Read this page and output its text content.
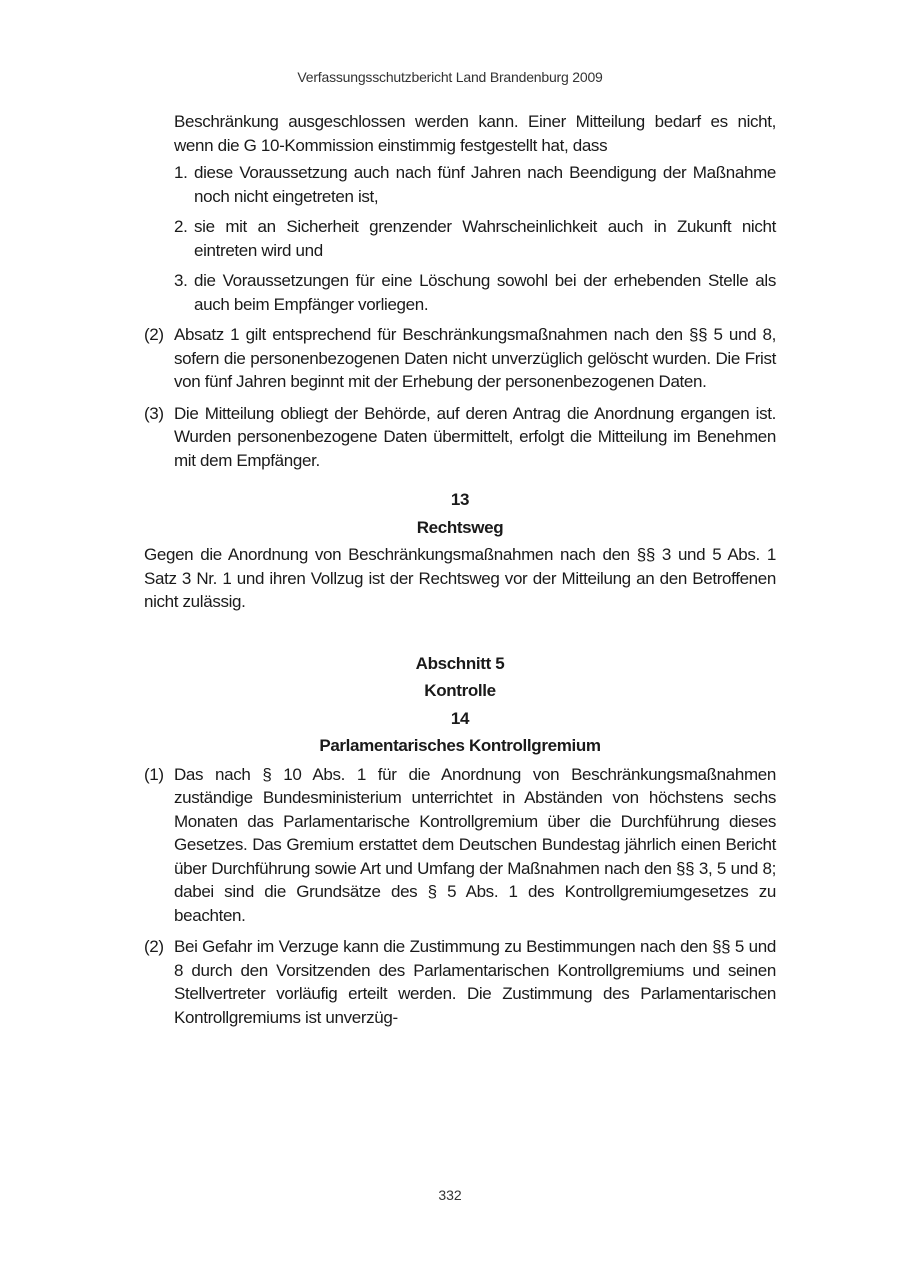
Verfassungsschutzbericht Land Brandenburg 2009

Beschränkung ausgeschlossen werden kann. Einer Mitteilung bedarf es nicht, wenn die G 10-Kommission einstimmig festgestellt hat, dass

1. diese Voraussetzung auch nach fünf Jahren nach Beendigung der Maßnahme noch nicht eingetreten ist,
2. sie mit an Sicherheit grenzender Wahrscheinlichkeit auch in Zukunft nicht eintreten wird und
3. die Voraussetzungen für eine Löschung sowohl bei der erhebenden Stelle als auch beim Empfänger vorliegen.
(2) Absatz 1 gilt entsprechend für Beschränkungsmaßnahmen nach den §§ 5 und 8, sofern die personenbezogenen Daten nicht unverzüglich gelöscht wurden. Die Frist von fünf Jahren beginnt mit der Erhebung der personenbezogenen Daten.
(3) Die Mitteilung obliegt der Behörde, auf deren Antrag die Anordnung ergangen ist. Wurden personenbezogene Daten übermittelt, erfolgt die Mitteilung im Benehmen mit dem Empfänger.
13
Rechtsweg

Gegen die Anordnung von Beschränkungsmaßnahmen nach den §§ 3 und 5 Abs. 1 Satz 3 Nr. 1 und ihren Vollzug ist der Rechtsweg vor der Mitteilung an den Betroffenen nicht zulässig.

Abschnitt 5
Kontrolle
14
Parlamentarisches Kontrollgremium
(1) Das nach § 10 Abs. 1 für die Anordnung von Beschränkungsmaßnahmen zuständige Bundesministerium unterrichtet in Abständen von höchstens sechs Monaten das Parlamentarische Kontrollgremium über die Durchführung dieses Gesetzes. Das Gremium erstattet dem Deutschen Bundestag jährlich einen Bericht über Durchführung sowie Art und Umfang der Maßnahmen nach den §§ 3, 5 und 8; dabei sind die Grundsätze des § 5 Abs. 1 des Kontrollgremiumgesetzes zu beachten.
(2) Bei Gefahr im Verzuge kann die Zustimmung zu Bestimmungen nach den §§ 5 und 8 durch den Vorsitzenden des Parlamentarischen Kontrollgremiums und seinen Stellvertreter vorläufig erteilt werden. Die Zustimmung des Parlamentarischen Kontrollgremiums ist unverzüg-
332
